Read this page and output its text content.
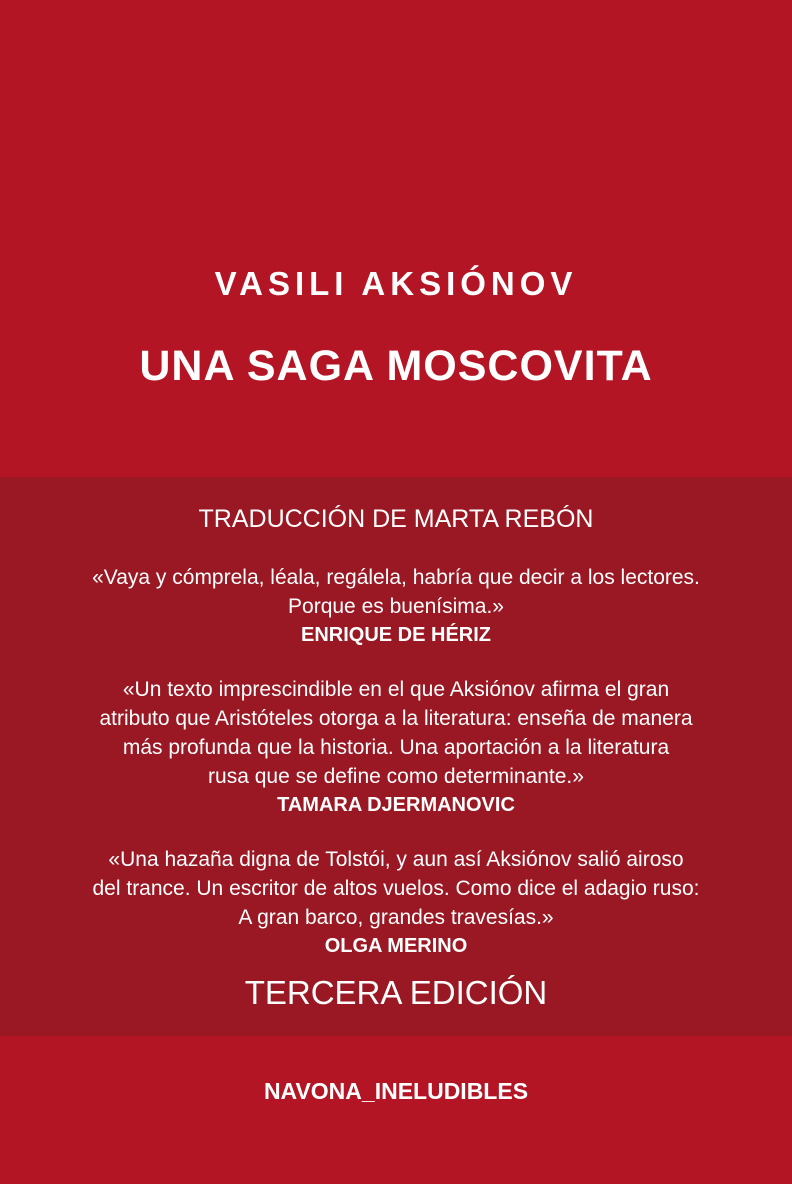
VASILI AKSIÓNOV
UNA SAGA MOSCOVITA
TRADUCCIÓN DE MARTA REBÓN
«Vaya y cómprela, léala, regálela, habría que decir a los lectores.
Porque es buenísima.»
ENRIQUE DE HÉRIZ
«Un texto imprescindible en el que Aksiónov afirma el gran
atributo que Aristóteles otorga a la literatura: enseña de manera
más profunda que la historia. Una aportación a la literatura
rusa que se define como determinante.»
TAMARA DJERMANOVIC
«Una hazaña digna de Tolstói, y aun así Aksiónov salió airoso
del trance. Un escritor de altos vuelos. Como dice el adagio ruso:
A gran barco, grandes travesías.»
OLGA MERINO
TERCERA EDICIÓN
NAVONA_INELUDIBLES
